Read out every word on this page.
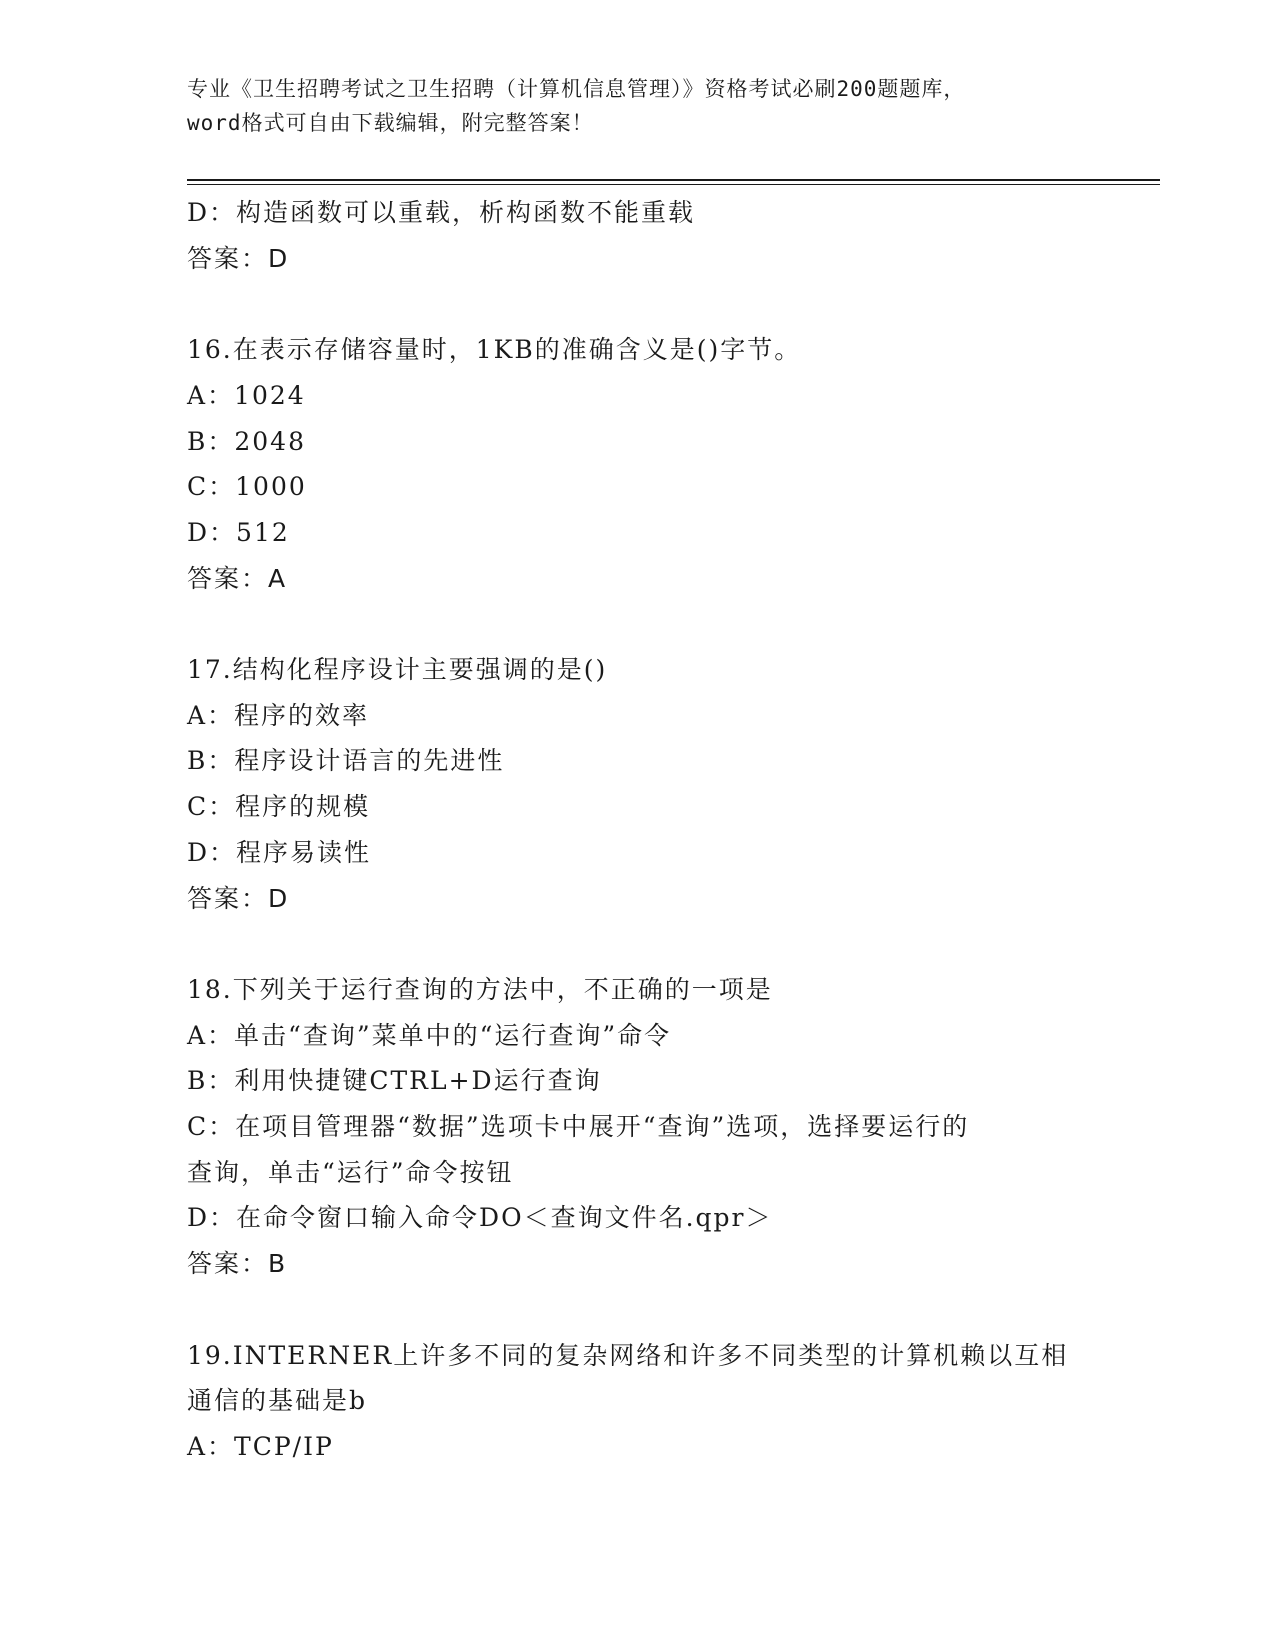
专业《卫生招聘考试之卫生招聘（计算机信息管理）》资格考试必刷200题题库，

word格式可自由下载编辑，附完整答案！

D：构造函数可以重载，析构函数不能重载
答案：D
16.在表示存储容量时，1KB的准确含义是()字节。
A：1024
B：2048
C：1000
D：512
答案：A
17.结构化程序设计主要强调的是()
A：程序的效率
B：程序设计语言的先进性
C：程序的规模
D：程序易读性
答案：D
18.下列关于运行查询的方法中，不正确的一项是
A：单击“查询”菜单中的“运行查询”命令
B：利用快捷键CTRL+D运行查询
C：在项目管理器“数据”选项卡中展开“查询”选项，选择要运行的
查询，单击“运行”命令按钮
D：在命令窗口输入命令DO＜查询文件名.qpr＞
答案：B
19.INTERNER上许多不同的复杂网络和许多不同类型的计算机赖以互相
通信的基础是b
A：TCP/IP
